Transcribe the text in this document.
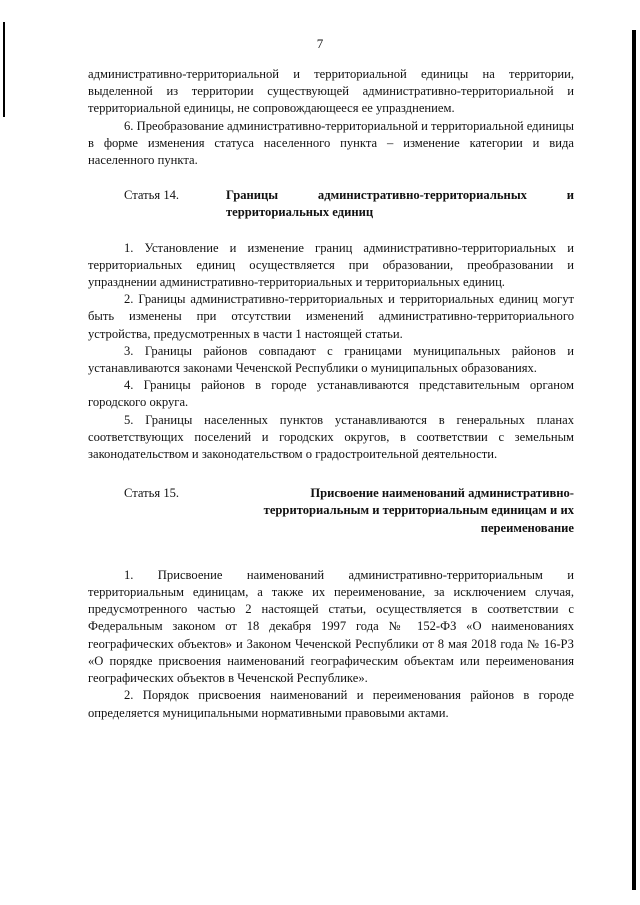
7

административно-территориальной и территориальной единицы на территории, выделенной из территории существующей административно-территориальной и территориальной единицы, не сопровождающееся ее упразднением.

6. Преобразование административно-территориальной и территориальной единицы в форме изменения статуса населенного пункта – изменение категории и вида населенного пункта.

Статья 14.	Границы административно-территориальных и территориальных единиц

1. Установление и изменение границ административно-территориальных и территориальных единиц осуществляется при образовании, преобразовании и упразднении административно-территориальных и территориальных единиц.

2. Границы административно-территориальных и территориальных единиц могут быть изменены при отсутствии изменений административно-территориального устройства, предусмотренных в части 1 настоящей статьи.

3. Границы районов совпадают с границами муниципальных районов и устанавливаются законами Чеченской Республики о муниципальных образованиях.

4. Границы районов в городе устанавливаются представительным органом городского округа.

5. Границы населенных пунктов устанавливаются в генеральных планах соответствующих поселений и городских округов, в соответствии с земельным законодательством и законодательством о градостроительной деятельности.

Статья 15.	Присвоение наименований административно-территориальным и территориальным единицам и их переименование

1. Присвоение наименований административно-территориальным и территориальным единицам, а также их переименование, за исключением случая, предусмотренного частью 2 настоящей статьи, осуществляется в соответствии с Федеральным законом от 18 декабря 1997 года № 152-ФЗ «О наименованиях географических объектов» и Законом Чеченской Республики от 8 мая 2018 года № 16-РЗ «О порядке присвоения наименований географическим объектам или переименования географических объектов в Чеченской Республике».

2. Порядок присвоения наименований и переименования районов в городе определяется муниципальными нормативными правовыми актами.
